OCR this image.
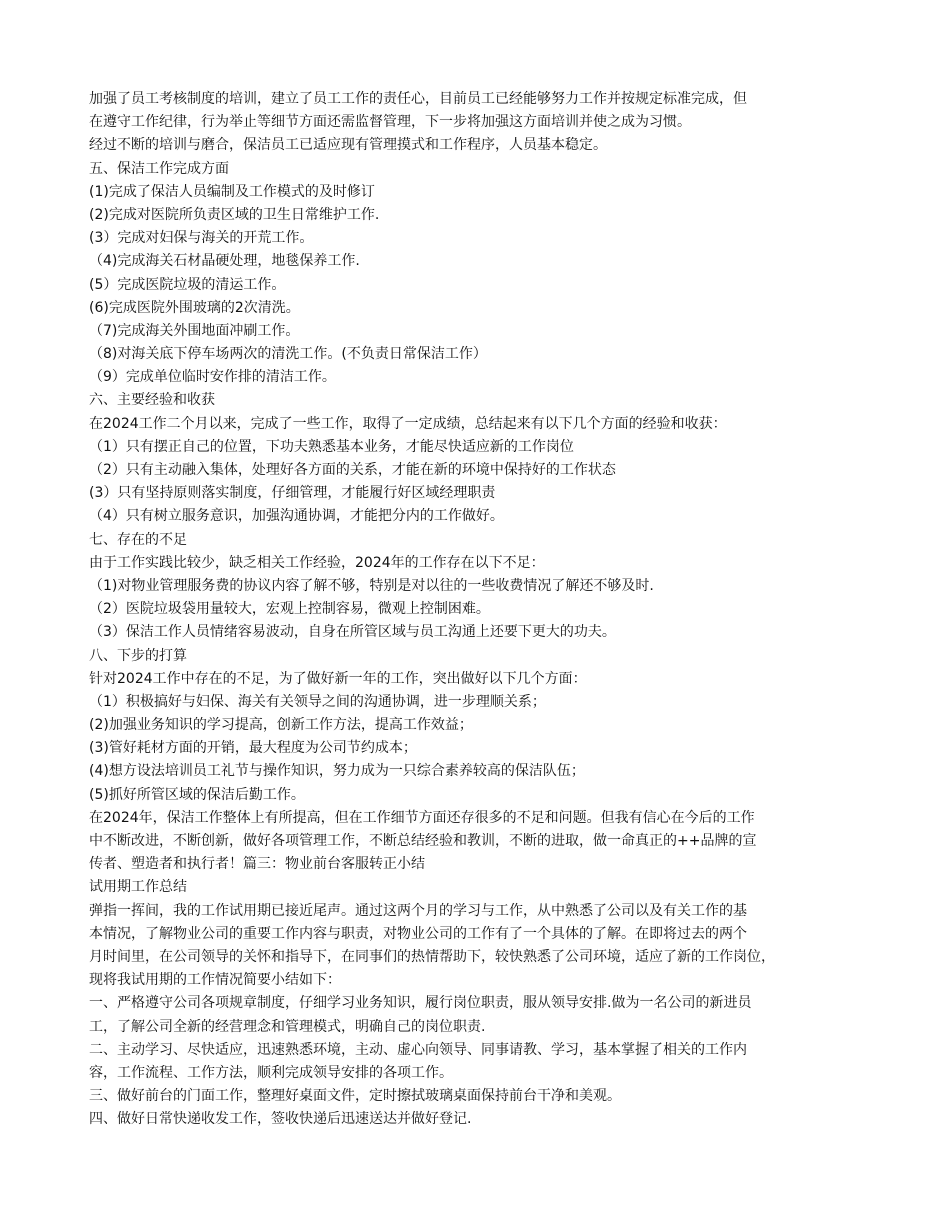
加强了员工考核制度的培训，建立了员工工作的责任心，目前员工已经能够努力工作并按规定标准完成，但
在遵守工作纪律，行为举止等细节方面还需监督管理，下一步将加强这方面培训并使之成为习惯。
经过不断的培训与磨合，保洁员工已适应现有管理摸式和工作程序，人员基本稳定。
五、保洁工作完成方面
(1)完成了保洁人员编制及工作模式的及时修订
(2)完成对医院所负责区域的卫生日常维护工作.
(3）完成对妇保与海关的开荒工作。
（4)完成海关石材晶硬处理，地毯保养工作.
(5）完成医院垃圾的清运工作。
(6)完成医院外围玻璃的2次清洗。
（7)完成海关外围地面冲刷工作。
（8)对海关底下停车场两次的清洗工作。(不负责日常保洁工作）
（9）完成单位临时安作排的清洁工作。
六、主要经验和收获
在2024工作二个月以来，完成了一些工作，取得了一定成绩，总结起来有以下几个方面的经验和收获：
（1）只有摆正自己的位置，下功夫熟悉基本业务，才能尽快适应新的工作岗位
（2）只有主动融入集体，处理好各方面的关系，才能在新的环境中保持好的工作状态
(3）只有坚持原则落实制度，仔细管理，才能履行好区域经理职责
（4）只有树立服务意识，加强沟通协调，才能把分内的工作做好。
七、存在的不足
由于工作实践比较少，缺乏相关工作经验，2024年的工作存在以下不足：
（1)对物业管理服务费的协议内容了解不够，特别是对以往的一些收费情况了解还不够及时.
（2）医院垃圾袋用量较大，宏观上控制容易，微观上控制困难。
（3）保洁工作人员情绪容易波动，自身在所管区域与员工沟通上还要下更大的功夫。
八、下步的打算
针对2024工作中存在的不足，为了做好新一年的工作，突出做好以下几个方面：
（1）积极搞好与妇保、海关有关领导之间的沟通协调，进一步理顺关系；
(2)加强业务知识的学习提高，创新工作方法，提高工作效益；
(3)管好耗材方面的开销，最大程度为公司节约成本；
(4)想方设法培训员工礼节与操作知识，努力成为一只综合素养较高的保洁队伍；
(5)抓好所管区域的保洁后勤工作。
在2024年，保洁工作整体上有所提高，但在工作细节方面还存很多的不足和问题。但我有信心在今后的工作
中不断改进，不断创新，做好各项管理工作，不断总结经验和教训，不断的进取，做一命真正的++品牌的宣
传者、塑造者和执行者！篇三：物业前台客服转正小结
试用期工作总结
弹指一挥间，我的工作试用期已接近尾声。通过这两个月的学习与工作，从中熟悉了公司以及有关工作的基
本情况，了解物业公司的重要工作内容与职责，对物业公司的工作有了一个具体的了解。在即将过去的两个
月时间里，在公司领导的关怀和指导下，在同事们的热情帮助下，较快熟悉了公司环境，适应了新的工作岗位，
现将我试用期的工作情况简要小结如下：
一、严格遵守公司各项规章制度，仔细学习业务知识，履行岗位职责，服从领导安排.做为一名公司的新进员
工，了解公司全新的经营理念和管理模式，明确自己的岗位职责.
二、主动学习、尽快适应，迅速熟悉环境，主动、虚心向领导、同事请教、学习，基本掌握了相关的工作内
容，工作流程、工作方法，顺利完成领导安排的各项工作。
三、做好前台的门面工作，整理好桌面文件，定时擦拭玻璃桌面保持前台干净和美观。
四、做好日常快递收发工作，签收快递后迅速送达并做好登记.
